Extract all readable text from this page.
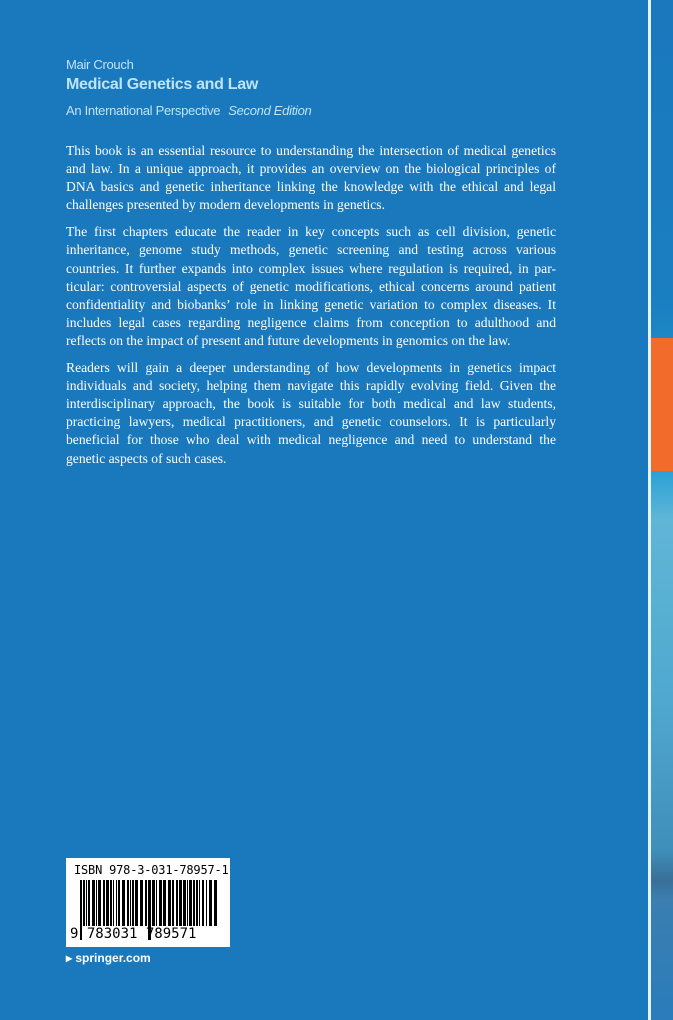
Mair Crouch
Medical Genetics and Law
An International Perspective Second Edition
This book is an essential resource to understanding the intersection of medical genetics
and law. In a unique approach, it provides an overview on the biological principles of
DNA basics and genetic inheritance linking the knowledge with the ethical and legal
challenges presented by modern developments in genetics.
The first chapters educate the reader in key concepts such as cell division, genetic
inheritance, genome study methods, genetic screening and testing across various
countries. It further expands into complex issues where regulation is required, in par-
ticular: controversial aspects of genetic modifications, ethical concerns around patient
confidentiality and biobanks’ role in linking genetic variation to complex diseases. It
includes legal cases regarding negligence claims from conception to adulthood and
reflects on the impact of present and future developments in genomics on the law.
Readers will gain a deeper understanding of how developments in genetics impact
individuals and society, helping them navigate this rapidly evolving field. Given the
interdisciplinary approach, the book is suitable for both medical and law students,
practicing lawyers, medical practitioners, and genetic counselors. It is particularly
beneficial for those who deal with medical negligence and need to understand the
genetic aspects of such cases.
ISBN 978-3-031-78957-1
9 783031 789571
▸ springer.com
